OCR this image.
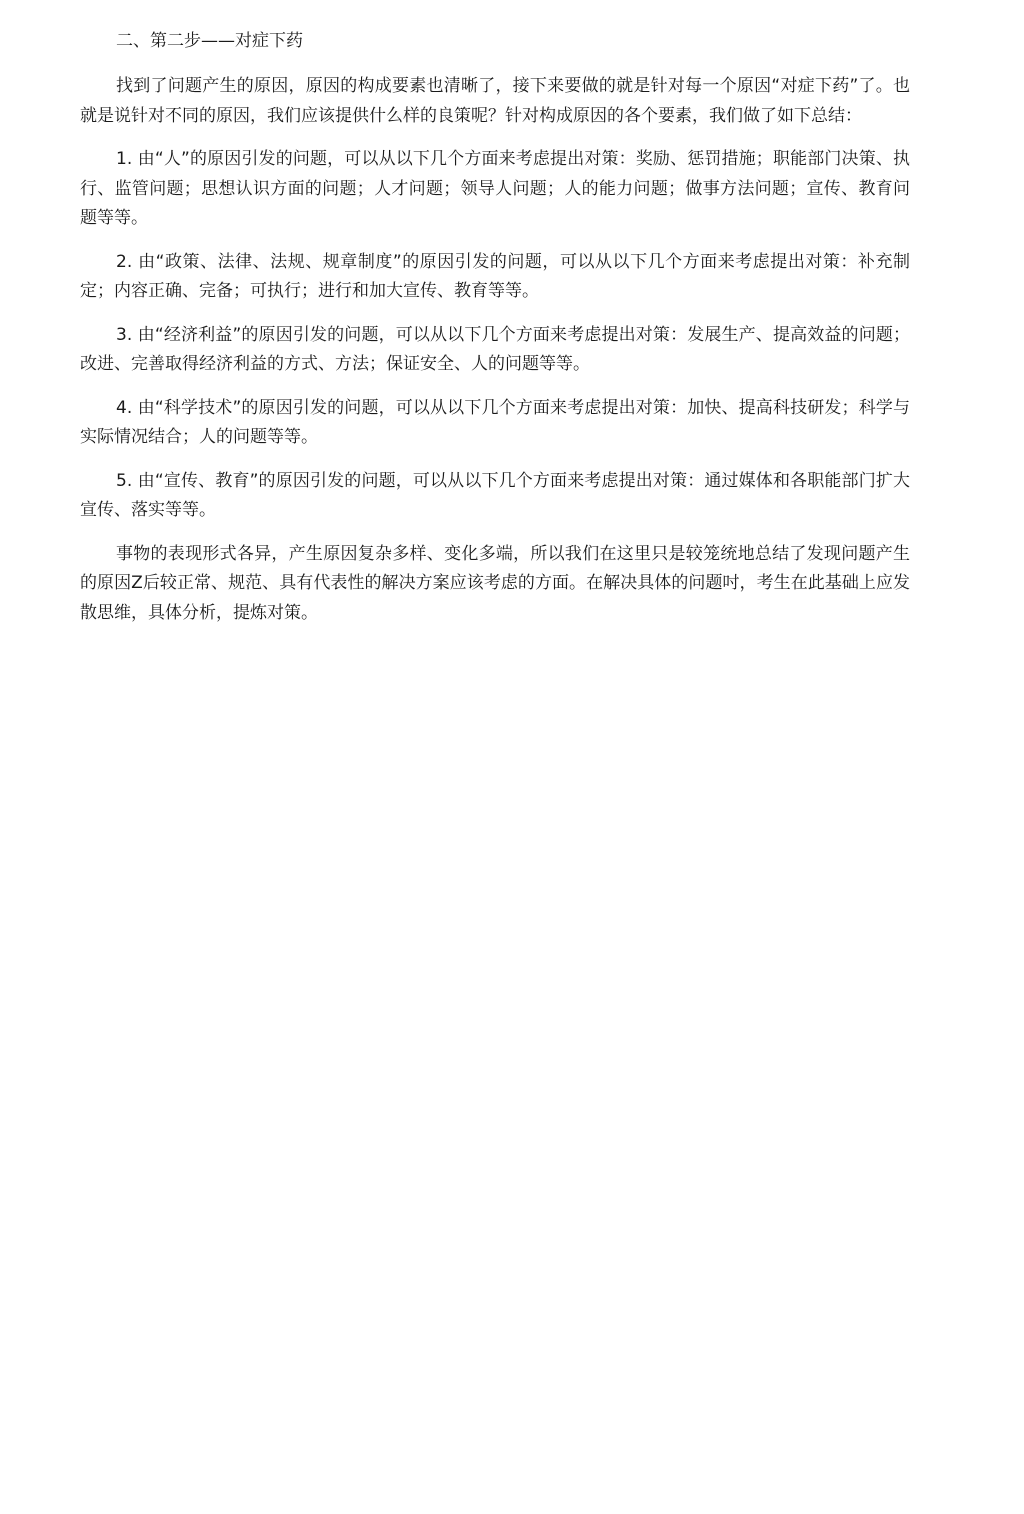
二、第二步——对症下药

找到了问题产生的原因，原因的构成要素也清晰了，接下来要做的就是针对每一个原因“对症下药”了。也就是说针对不同的原因，我们应该提供什么样的良策呢？针对构成原因的各个要素，我们做了如下总结：

1. 由“人”的原因引发的问题，可以从以下几个方面来考虑提出对策：奖励、惩罚措施；职能部门决策、执行、监管问题；思想认识方面的问题；人才问题；领导人问题；人的能力问题；做事方法问题；宣传、教育问题等等。

2. 由“政策、法律、法规、规章制度”的原因引发的问题，可以从以下几个方面来考虑提出对策：补充制定；内容正确、完备；可执行；进行和加大宣传、教育等等。

3. 由“经济利益”的原因引发的问题，可以从以下几个方面来考虑提出对策：发展生产、提高效益的问题；改进、完善取得经济利益的方式、方法；保证安全、人的问题等等。

4. 由“科学技术”的原因引发的问题，可以从以下几个方面来考虑提出对策：加快、提高科技研发；科学与实际情况结合；人的问题等等。

5. 由“宣传、教育”的原因引发的问题，可以从以下几个方面来考虑提出对策：通过媒体和各职能部门扩大宣传、落实等等。

事物的表现形式各异，产生原因复杂多样、变化多端，所以我们在这里只是较笼统地总结了发现问题产生的原因Z后较正常、规范、具有代表性的解决方案应该考虑的方面。在解决具体的问题吋，考生在此基础上应发散思维，具体分析，提炼对策。
